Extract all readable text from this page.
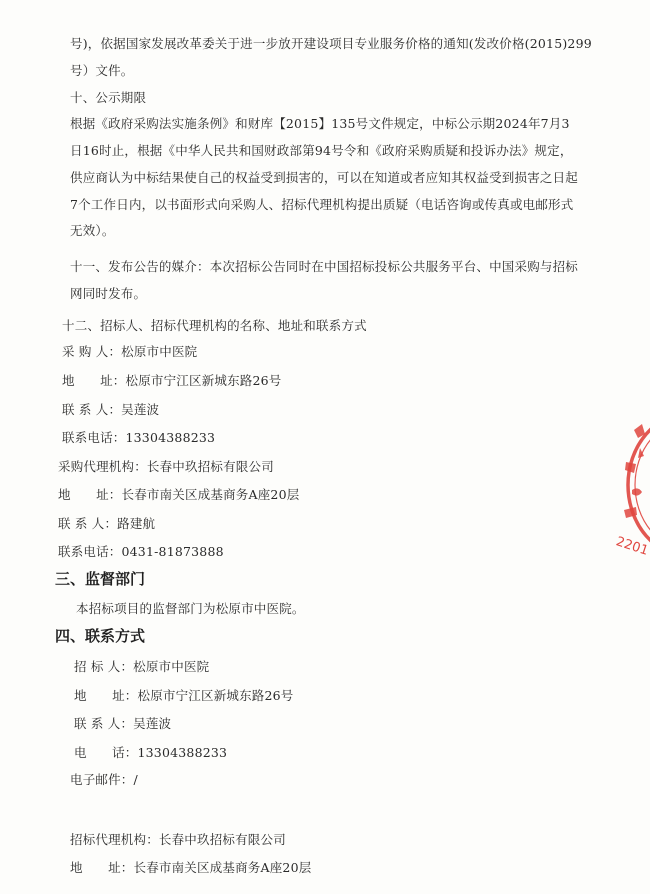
号)，依据国家发展改革委关于进一步放开建设项目专业服务价格的通知(发改价格(2015)299
号）文件。
十、公示期限
根据《政府采购法实施条例》和财库【2015】135号文件规定，中标公示期2024年7月3
日16时止，根据《中华人民共和国财政部第94号令和《政府采购质疑和投诉办法》规定，
供应商认为中标结果使自己的权益受到损害的，可以在知道或者应知其权益受到损害之日起
7个工作日内，以书面形式向采购人、招标代理机构提出质疑（电话咨询或传真或电邮形式
无效）。
十一、发布公告的媒介：本次招标公告同时在中国招标投标公共服务平台、中国采购与招标
网同时发布。
十二、招标人、招标代理机构的名称、地址和联系方式
采 购 人：松原市中医院
地　　址：松原市宁江区新城东路26号
联 系 人：吴莲波
联系电话：13304388233
采购代理机构：长春中玖招标有限公司
地　　址：长春市南关区成基商务A座20层
联 系 人：路建航
联系电话：0431-81873888
三、监督部门
本招标项目的监督部门为松原市中医院。
四、联系方式
招 标 人：松原市中医院
地　　址：松原市宁江区新城东路26号
联 系 人：吴莲波
电　　话：13304388233
电子邮件：/
招标代理机构：长春中玖招标有限公司
地　　址：长春市南关区成基商务A座20层
2201
